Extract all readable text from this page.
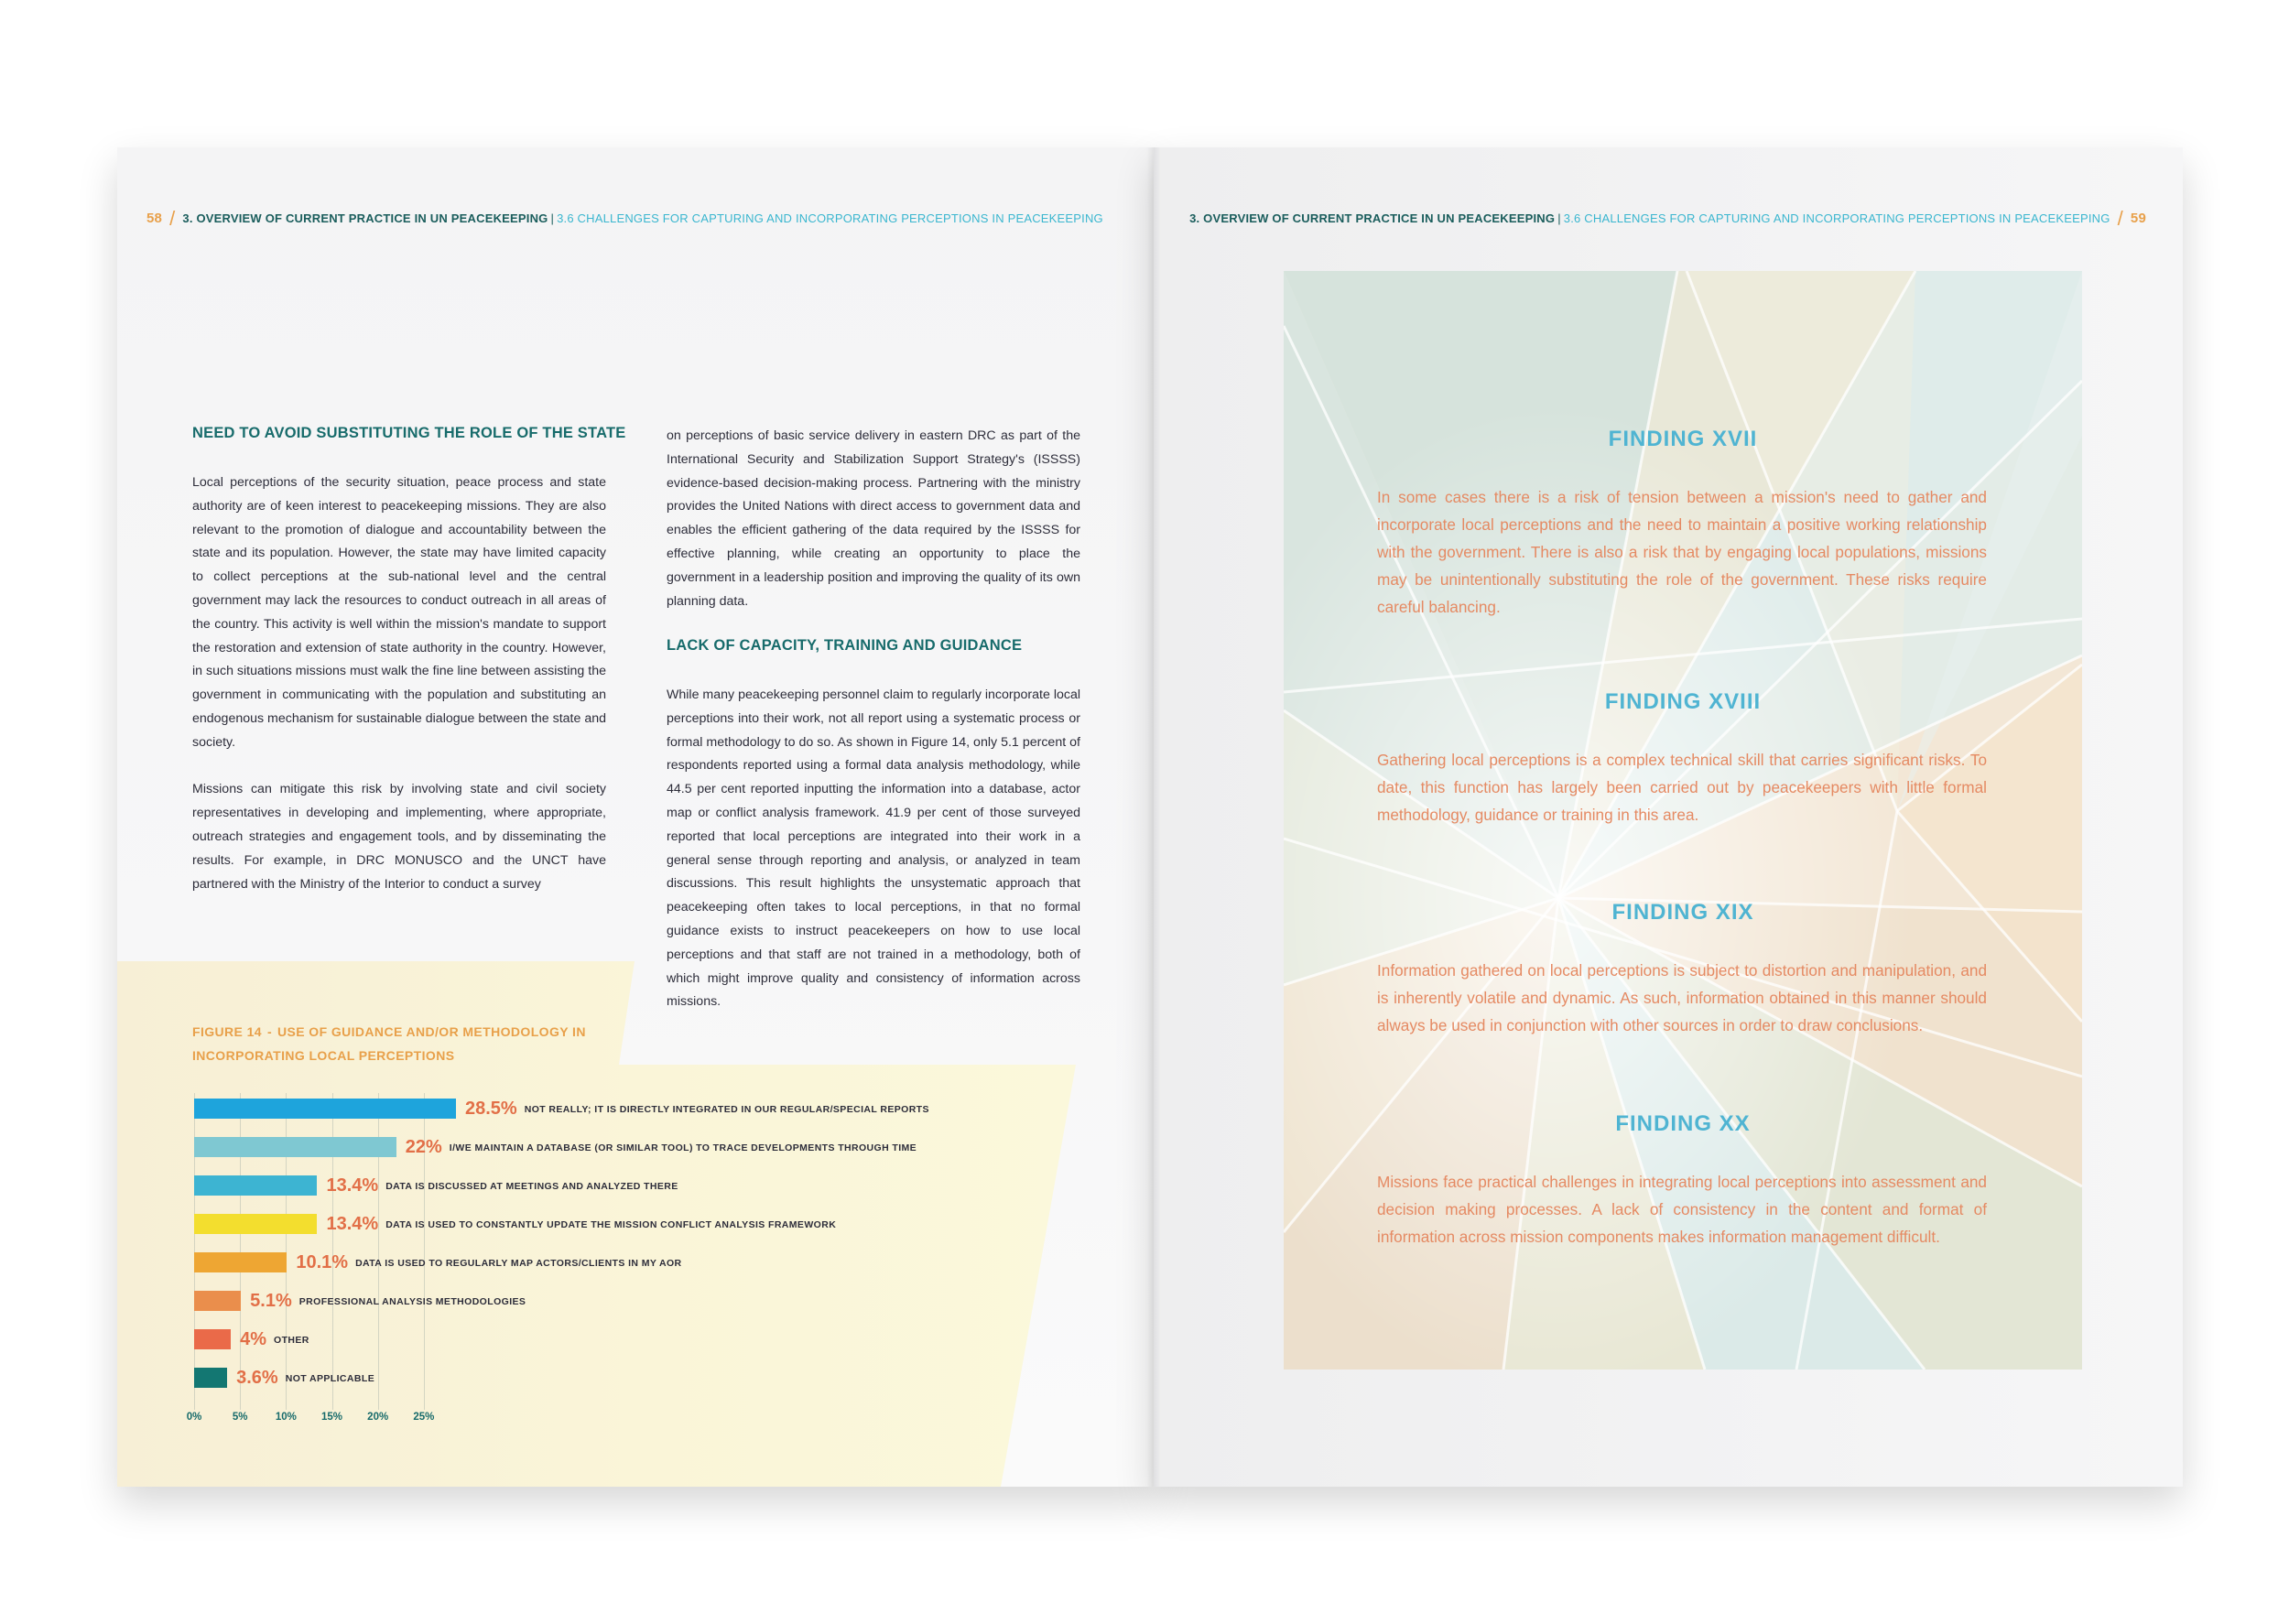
58 / 3. OVERVIEW OF CURRENT PRACTICE IN UN PEACEKEEPING | 3.6 CHALLENGES FOR CAPTURING AND INCORPORATING PERCEPTIONS IN PEACEKEEPING	3. OVERVIEW OF CURRENT PRACTICE IN UN PEACEKEEPING | 3.6 CHALLENGES FOR CAPTURING AND INCORPORATING PERCEPTIONS IN PEACEKEEPING / 59
NEED TO AVOID SUBSTITUTING THE ROLE OF THE STATE

Local perceptions of the security situation, peace process and state authority are of keen interest to peacekeeping missions. They are also relevant to the promotion of dialogue and accountability between the state and its population. However, the state may have limited capacity to collect perceptions at the sub-national level and the central government may lack the resources to conduct outreach in all areas of the country. This activity is well within the mission's mandate to support the restoration and extension of state authority in the country. However, in such situations missions must walk the fine line between assisting the government in communicating with the population and substituting an endogenous mechanism for sustainable dialogue between the state and society.

Missions can mitigate this risk by involving state and civil society representatives in developing and implementing, where appropriate, outreach strategies and engagement tools, and by disseminating the results. For example, in DRC MONUSCO and the UNCT have partnered with the Ministry of the Interior to conduct a survey

on perceptions of basic service delivery in eastern DRC as part of the International Security and Stabilization Support Strategy's (ISSSS) evidence-based decision-making process. Partnering with the ministry provides the United Nations with direct access to government data and enables the efficient gathering of the data required by the ISSSS for effective planning, while creating an opportunity to place the government in a leadership position and improving the quality of its own planning data.

LACK OF CAPACITY, TRAINING AND GUIDANCE

While many peacekeeping personnel claim to regularly incorporate local perceptions into their work, not all report using a systematic process or formal methodology to do so. As shown in Figure 14, only 5.1 percent of respondents reported using a formal data analysis methodology, while 44.5 per cent reported inputting the information into a database, actor map or conflict analysis framework. 41.9 per cent of those surveyed reported that local perceptions are integrated into their work in a general sense through reporting and analysis, or analyzed in team discussions. This result highlights the unsystematic approach that peacekeeping often takes to local perceptions, in that no formal guidance exists to instruct peacekeepers on how to use local perceptions and that staff are not trained in a methodology, both of which might improve quality and consistency of information across missions.

FIGURE 14 - USE OF GUIDANCE AND/OR METHODOLOGY IN INCORPORATING LOCAL PERCEPTIONS
28.5% NOT REALLY; IT IS DIRECTLY INTEGRATED IN OUR REGULAR/SPECIAL REPORTS
22% I/WE MAINTAIN A DATABASE (OR SIMILAR TOOL) TO TRACE DEVELOPMENTS THROUGH TIME
13.4% DATA IS DISCUSSED AT MEETINGS AND ANALYZED THERE
13.4% DATA IS USED TO CONSTANTLY UPDATE THE MISSION CONFLICT ANALYSIS FRAMEWORK
10.1% DATA IS USED TO REGULARLY MAP ACTORS/CLIENTS IN MY AOR
5.1% PROFESSIONAL ANALYSIS METHODOLOGIES
4% OTHER
3.6% NOT APPLICABLE
0%	5%	10% 15% 20% 25%
FINDING XVII

In some cases there is a risk of tension between a mission's need to gather and incorporate local perceptions and the need to maintain a positive working relationship with the government. There is also a risk that by engaging local populations, missions may be unintentionally substituting the role of the government. These risks require careful balancing.

FINDING XVIII

Gathering local perceptions is a complex technical skill that carries significant risks. To date, this function has largely been carried out by peacekeepers with little formal methodology, guidance or training in this area.

FINDING XIX

Information gathered on local perceptions is subject to distortion and manipulation, and is inherently volatile and dynamic. As such, information obtained in this manner should always be used in conjunction with other sources in order to draw conclusions.

FINDING XX

Missions face practical challenges in integrating local perceptions into assessment and decision making processes. A lack of consistency in the content and format of information across mission components makes information management difficult.
